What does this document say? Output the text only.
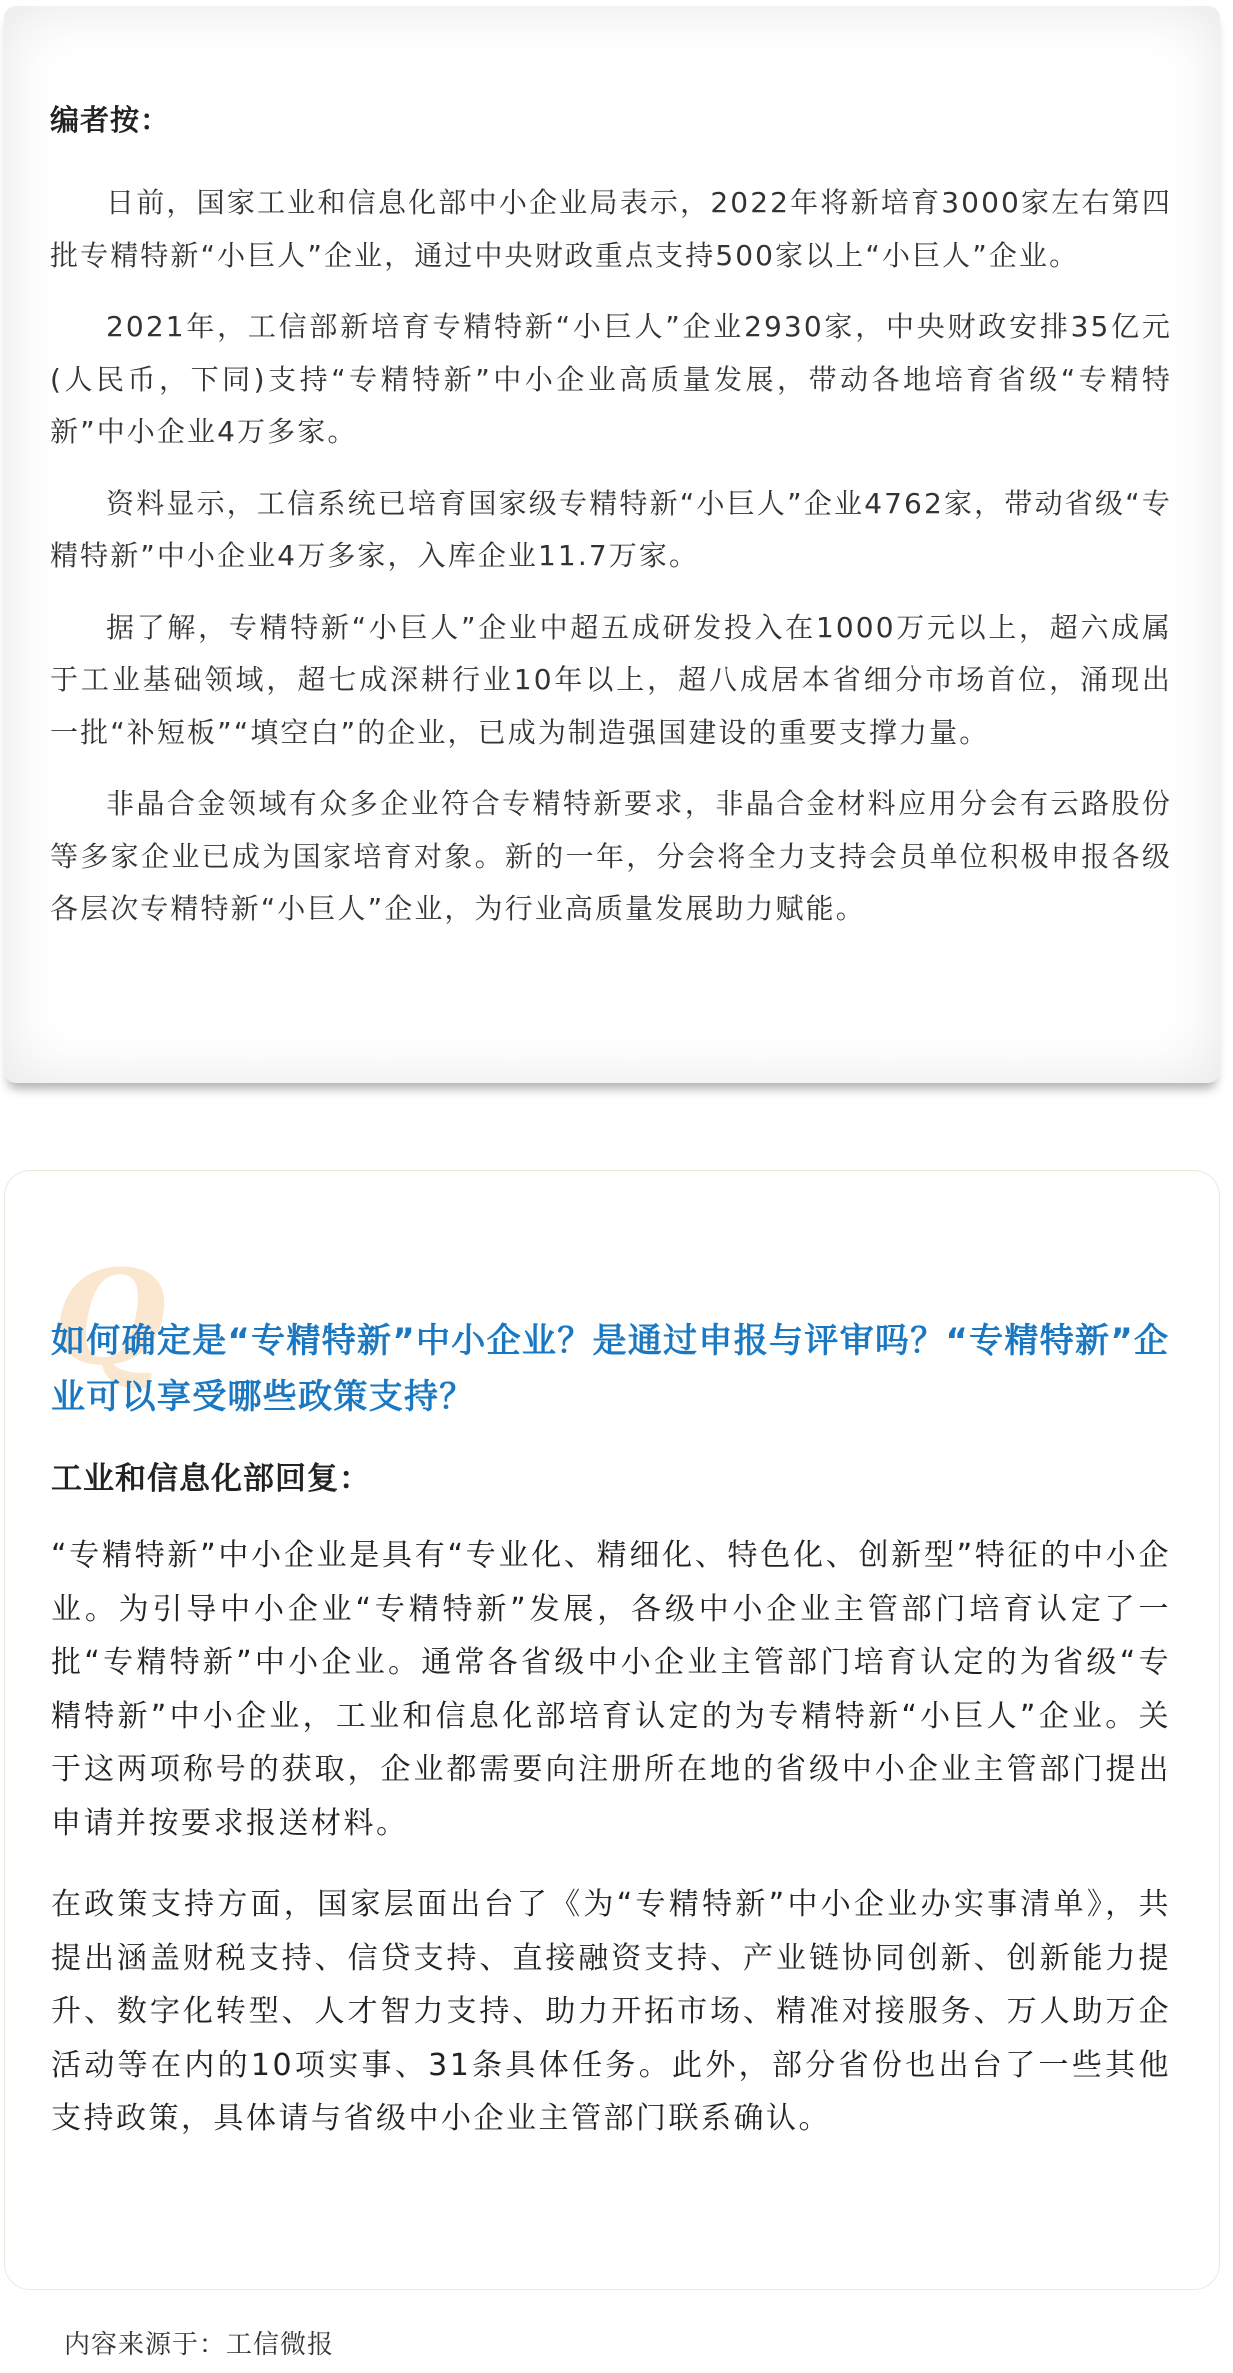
编者按：

日前，国家工业和信息化部中小企业局表示，2022年将新培育3000家左右第四批专精特新“小巨人”企业，通过中央财政重点支持500家以上“小巨人”企业。

2021年，工信部新培育专精特新“小巨人”企业2930家，中央财政安排35亿元(人民币，下同)支持“专精特新”中小企业高质量发展，带动各地培育省级“专精特新”中小企业4万多家。

资料显示，工信系统已培育国家级专精特新“小巨人”企业4762家，带动省级“专精特新”中小企业4万多家，入库企业11.7万家。

据了解，专精特新“小巨人”企业中超五成研发投入在1000万元以上，超六成属于工业基础领域，超七成深耕行业10年以上，超八成居本省细分市场首位，涌现出一批“补短板”“填空白”的企业，已成为制造强国建设的重要支撑力量。

非晶合金领域有众多企业符合专精特新要求，非晶合金材料应用分会有云路股份等多家企业已成为国家培育对象。新的一年，分会将全力支持会员单位积极申报各级各层次专精特新“小巨人”企业，为行业高质量发展助力赋能。

Q
如何确定是“专精特新”中小企业？是通过申报与评审吗？“专精特新”企业可以享受哪些政策支持？
工业和信息化部回复：

“专精特新”中小企业是具有“专业化、精细化、特色化、创新型”特征的中小企业。为引导中小企业“专精特新”发展，各级中小企业主管部门培育认定了一批“专精特新”中小企业。通常各省级中小企业主管部门培育认定的为省级“专精特新”中小企业，工业和信息化部培育认定的为专精特新“小巨人”企业。关于这两项称号的获取，企业都需要向注册所在地的省级中小企业主管部门提出申请并按要求报送材料。

在政策支持方面，国家层面出台了《为“专精特新”中小企业办实事清单》，共提出涵盖财税支持、信贷支持、直接融资支持、产业链协同创新、创新能力提升、数字化转型、人才智力支持、助力开拓市场、精准对接服务、万人助万企活动等在内的10项实事、31条具体任务。此外，部分省份也出台了一些其他支持政策，具体请与省级中小企业主管部门联系确认。

内容来源于：工信微报
